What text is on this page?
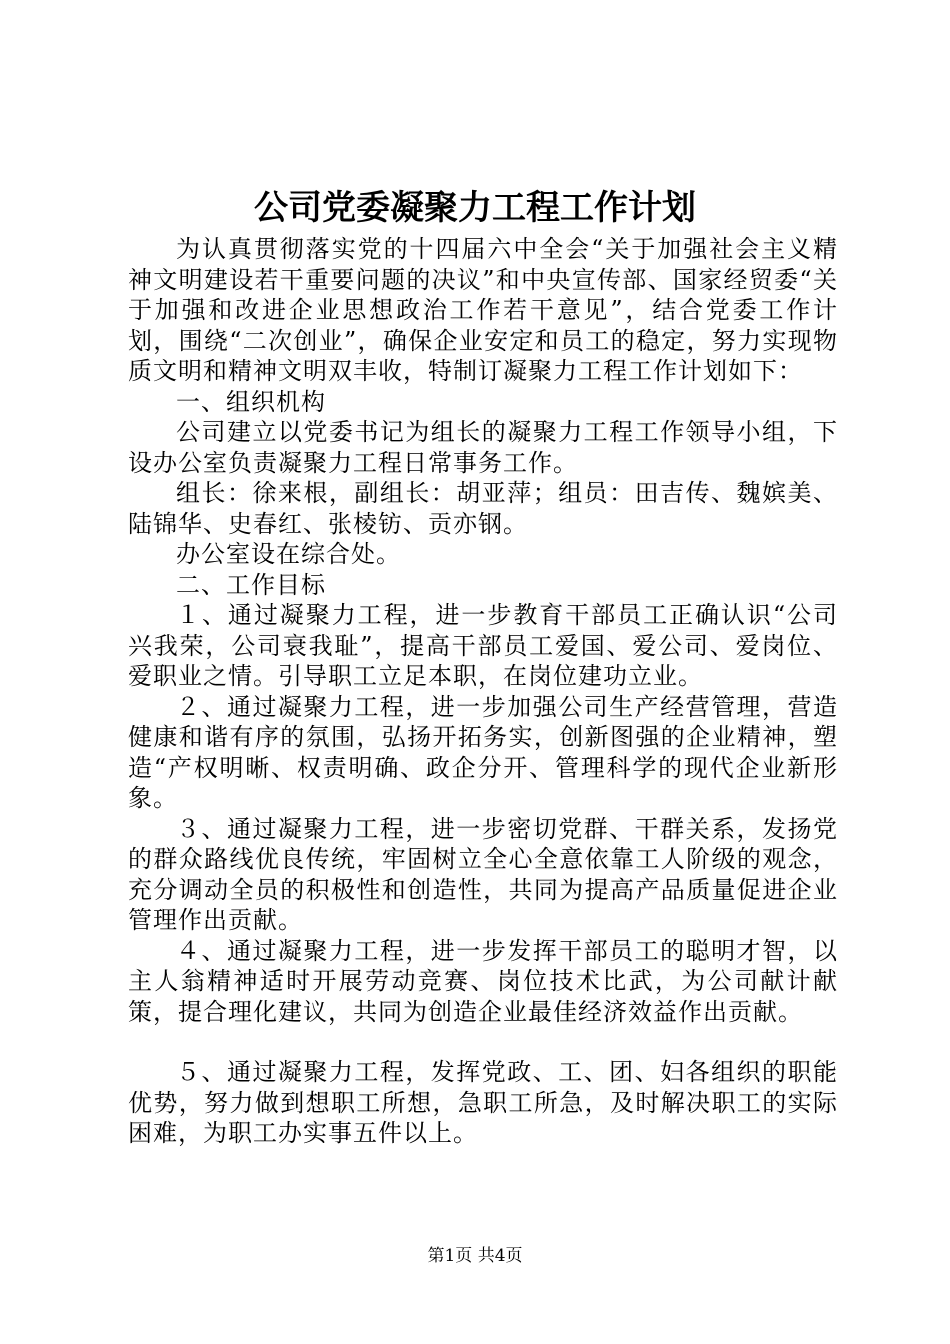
公司党委凝聚力工程工作计划

为认真贯彻落实党的十四届六中全会“关于加强社会主义精神文明建设若干重要问题的决议”和中央宣传部、国家经贸委“关于加强和改进企业思想政治工作若干意见”，结合党委工作计划，围绕“二次创业”，确保企业安定和员工的稳定，努力实现物质文明和精神文明双丰收，特制订凝聚力工程工作计划如下：

一、组织机构

公司建立以党委书记为组长的凝聚力工程工作领导小组，下设办公室负责凝聚力工程日常事务工作。

组长：徐来根，副组长：胡亚萍；组员：田吉传、魏嫔美、陆锦华、史春红、张棱钫、贡亦钢。

办公室设在综合处。

二、工作目标

１、通过凝聚力工程，进一步教育干部员工正确认识“公司兴我荣，公司衰我耻”，提高干部员工爱国、爱公司、爱岗位、爱职业之情。引导职工立足本职，在岗位建功立业。

２、通过凝聚力工程，进一步加强公司生产经营管理，营造健康和谐有序的氛围，弘扬开拓务实，创新图强的企业精神，塑造“产权明晰、权责明确、政企分开、管理科学的现代企业新形象。

３、通过凝聚力工程，进一步密切党群、干群关系，发扬党的群众路线优良传统，牢固树立全心全意依靠工人阶级的观念，充分调动全员的积极性和创造性，共同为提高产品质量促进企业管理作出贡献。

４、通过凝聚力工程，进一步发挥干部员工的聪明才智，以主人翁精神适时开展劳动竞赛、岗位技术比武，为公司献计献策，提合理化建议，共同为创造企业最佳经济效益作出贡献。

５、通过凝聚力工程，发挥党政、工、团、妇各组织的职能优势，努力做到想职工所想，急职工所急，及时解决职工的实际困难，为职工办实事五件以上。

第1页 共4页
